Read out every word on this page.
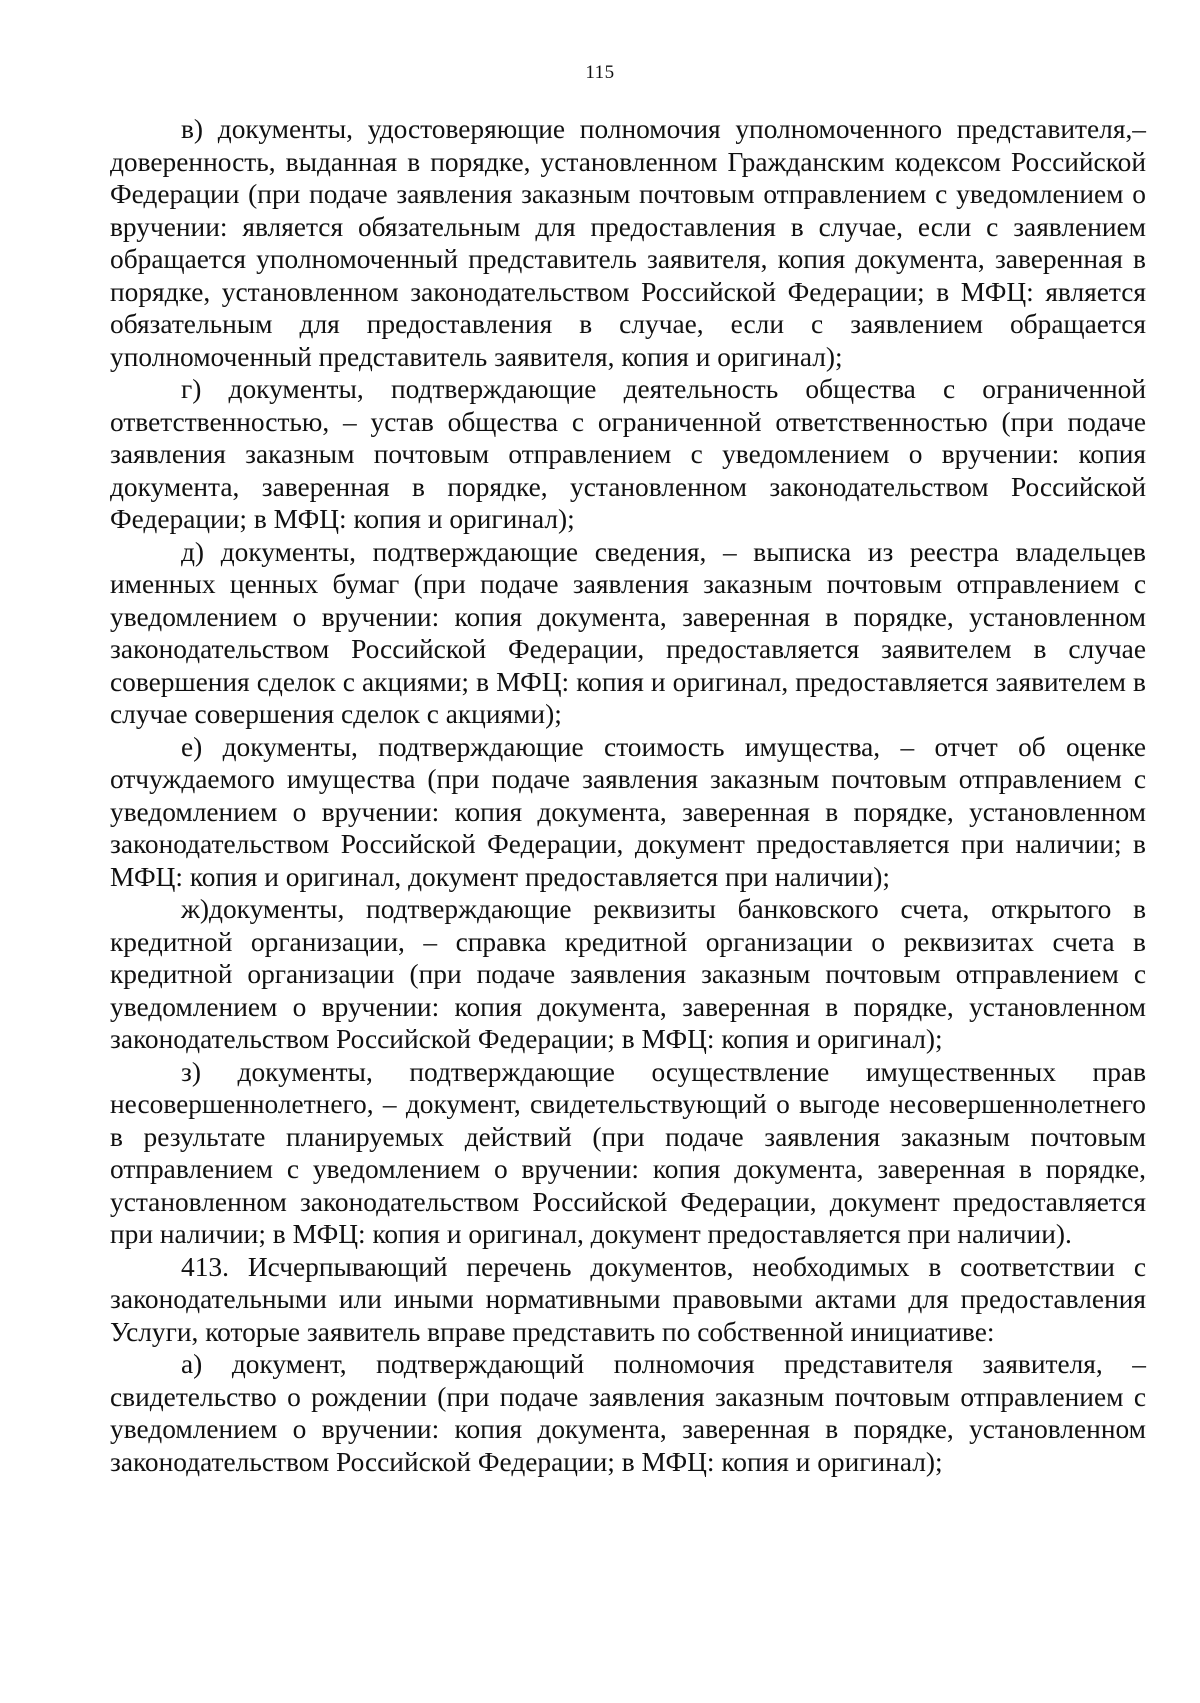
115

в) документы, удостоверяющие полномочия уполномоченного представителя,– доверенность, выданная в порядке, установленном Гражданским кодексом Российской Федерации (при подаче заявления заказным почтовым отправлением с уведомлением о вручении: является обязательным для предоставления в случае, если с заявлением обращается уполномоченный представитель заявителя, копия документа, заверенная в порядке, установленном законодательством Российской Федерации; в МФЦ: является обязательным для предоставления в случае, если с заявлением обращается уполномоченный представитель заявителя, копия и оригинал);

г) документы, подтверждающие деятельность общества с ограниченной ответственностью, – устав общества с ограниченной ответственностью (при подаче заявления заказным почтовым отправлением с уведомлением о вручении: копия документа, заверенная в порядке, установленном законодательством Российской Федерации; в МФЦ: копия и оригинал);

д) документы, подтверждающие сведения, – выписка из реестра владельцев именных ценных бумаг (при подаче заявления заказным почтовым отправлением с уведомлением о вручении: копия документа, заверенная в порядке, установленном законодательством Российской Федерации, предоставляется заявителем в случае совершения сделок с акциями; в МФЦ: копия и оригинал, предоставляется заявителем в случае совершения сделок с акциями);

е) документы, подтверждающие стоимость имущества, – отчет об оценке отчуждаемого имущества (при подаче заявления заказным почтовым отправлением с уведомлением о вручении: копия документа, заверенная в порядке, установленном законодательством Российской Федерации, документ предоставляется при наличии; в МФЦ: копия и оригинал, документ предоставляется при наличии);

ж)документы, подтверждающие реквизиты банковского счета, открытого в кредитной организации, – справка кредитной организации о реквизитах счета в кредитной организации (при подаче заявления заказным почтовым отправлением с уведомлением о вручении: копия документа, заверенная в порядке, установленном законодательством Российской Федерации; в МФЦ: копия и оригинал);

з) документы, подтверждающие осуществление имущественных прав несовершеннолетнего, – документ, свидетельствующий о выгоде несовершеннолетнего в результате планируемых действий (при подаче заявления заказным почтовым отправлением с уведомлением о вручении: копия документа, заверенная в порядке, установленном законодательством Российской Федерации, документ предоставляется при наличии; в МФЦ: копия и оригинал, документ предоставляется при наличии).

413. Исчерпывающий перечень документов, необходимых в соответствии с законодательными или иными нормативными правовыми актами для предоставления Услуги, которые заявитель вправе представить по собственной инициативе:

а) документ, подтверждающий полномочия представителя заявителя, – свидетельство о рождении (при подаче заявления заказным почтовым отправлением с уведомлением о вручении: копия документа, заверенная в порядке, установленном законодательством Российской Федерации; в МФЦ: копия и оригинал);
